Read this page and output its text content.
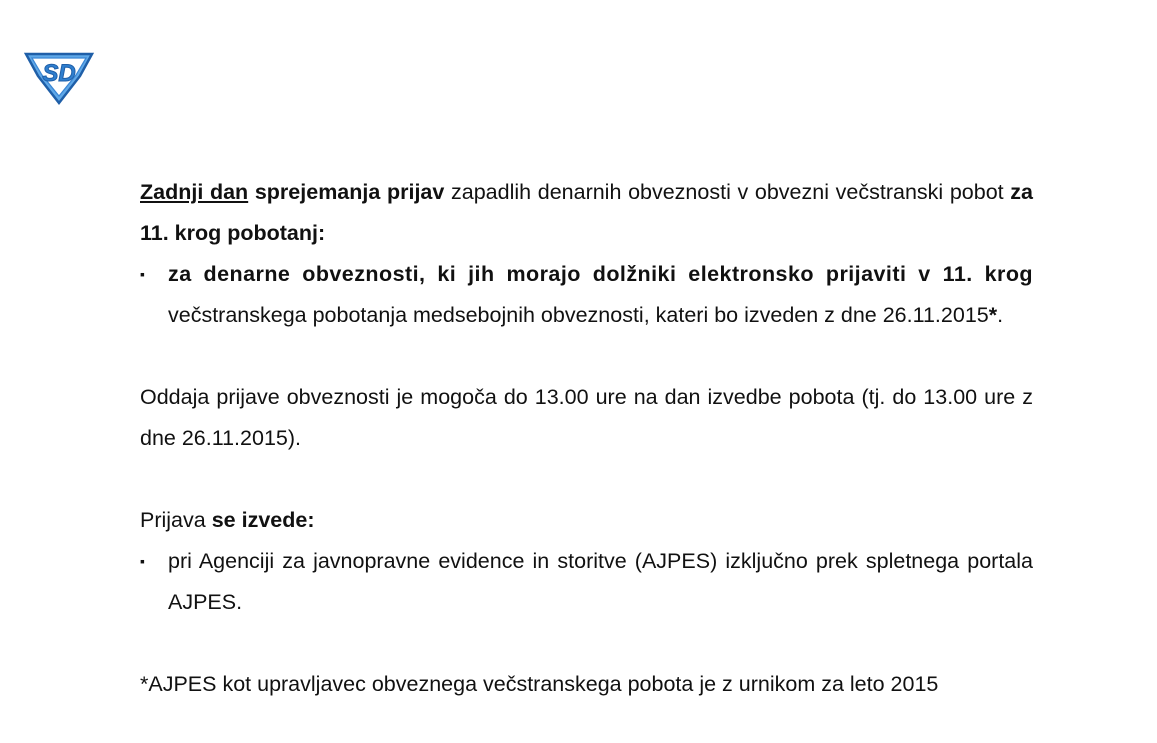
SD

Zadnji dan sprejemanja prijav zapadlih denarnih obveznosti v obvezni večstranski pobot za 11. krog pobotanj:

▪ za denarne obveznosti, ki jih morajo dolžniki elektronsko prijaviti v 11. krog večstranskega pobotanja medsebojnih obveznosti, kateri bo izveden z dne 26.11.2015*.

Oddaja prijave obveznosti je mogoča do 13.00 ure na dan izvedbe pobota (tj. do 13.00 ure z dne 26.11.2015).

Prijava se izvede:

▪ pri Agenciji za javnopravne evidence in storitve (AJPES) izključno prek spletnega portala AJPES.

*AJPES kot upravljavec obveznega večstranskega pobota je z urnikom za leto 2015
